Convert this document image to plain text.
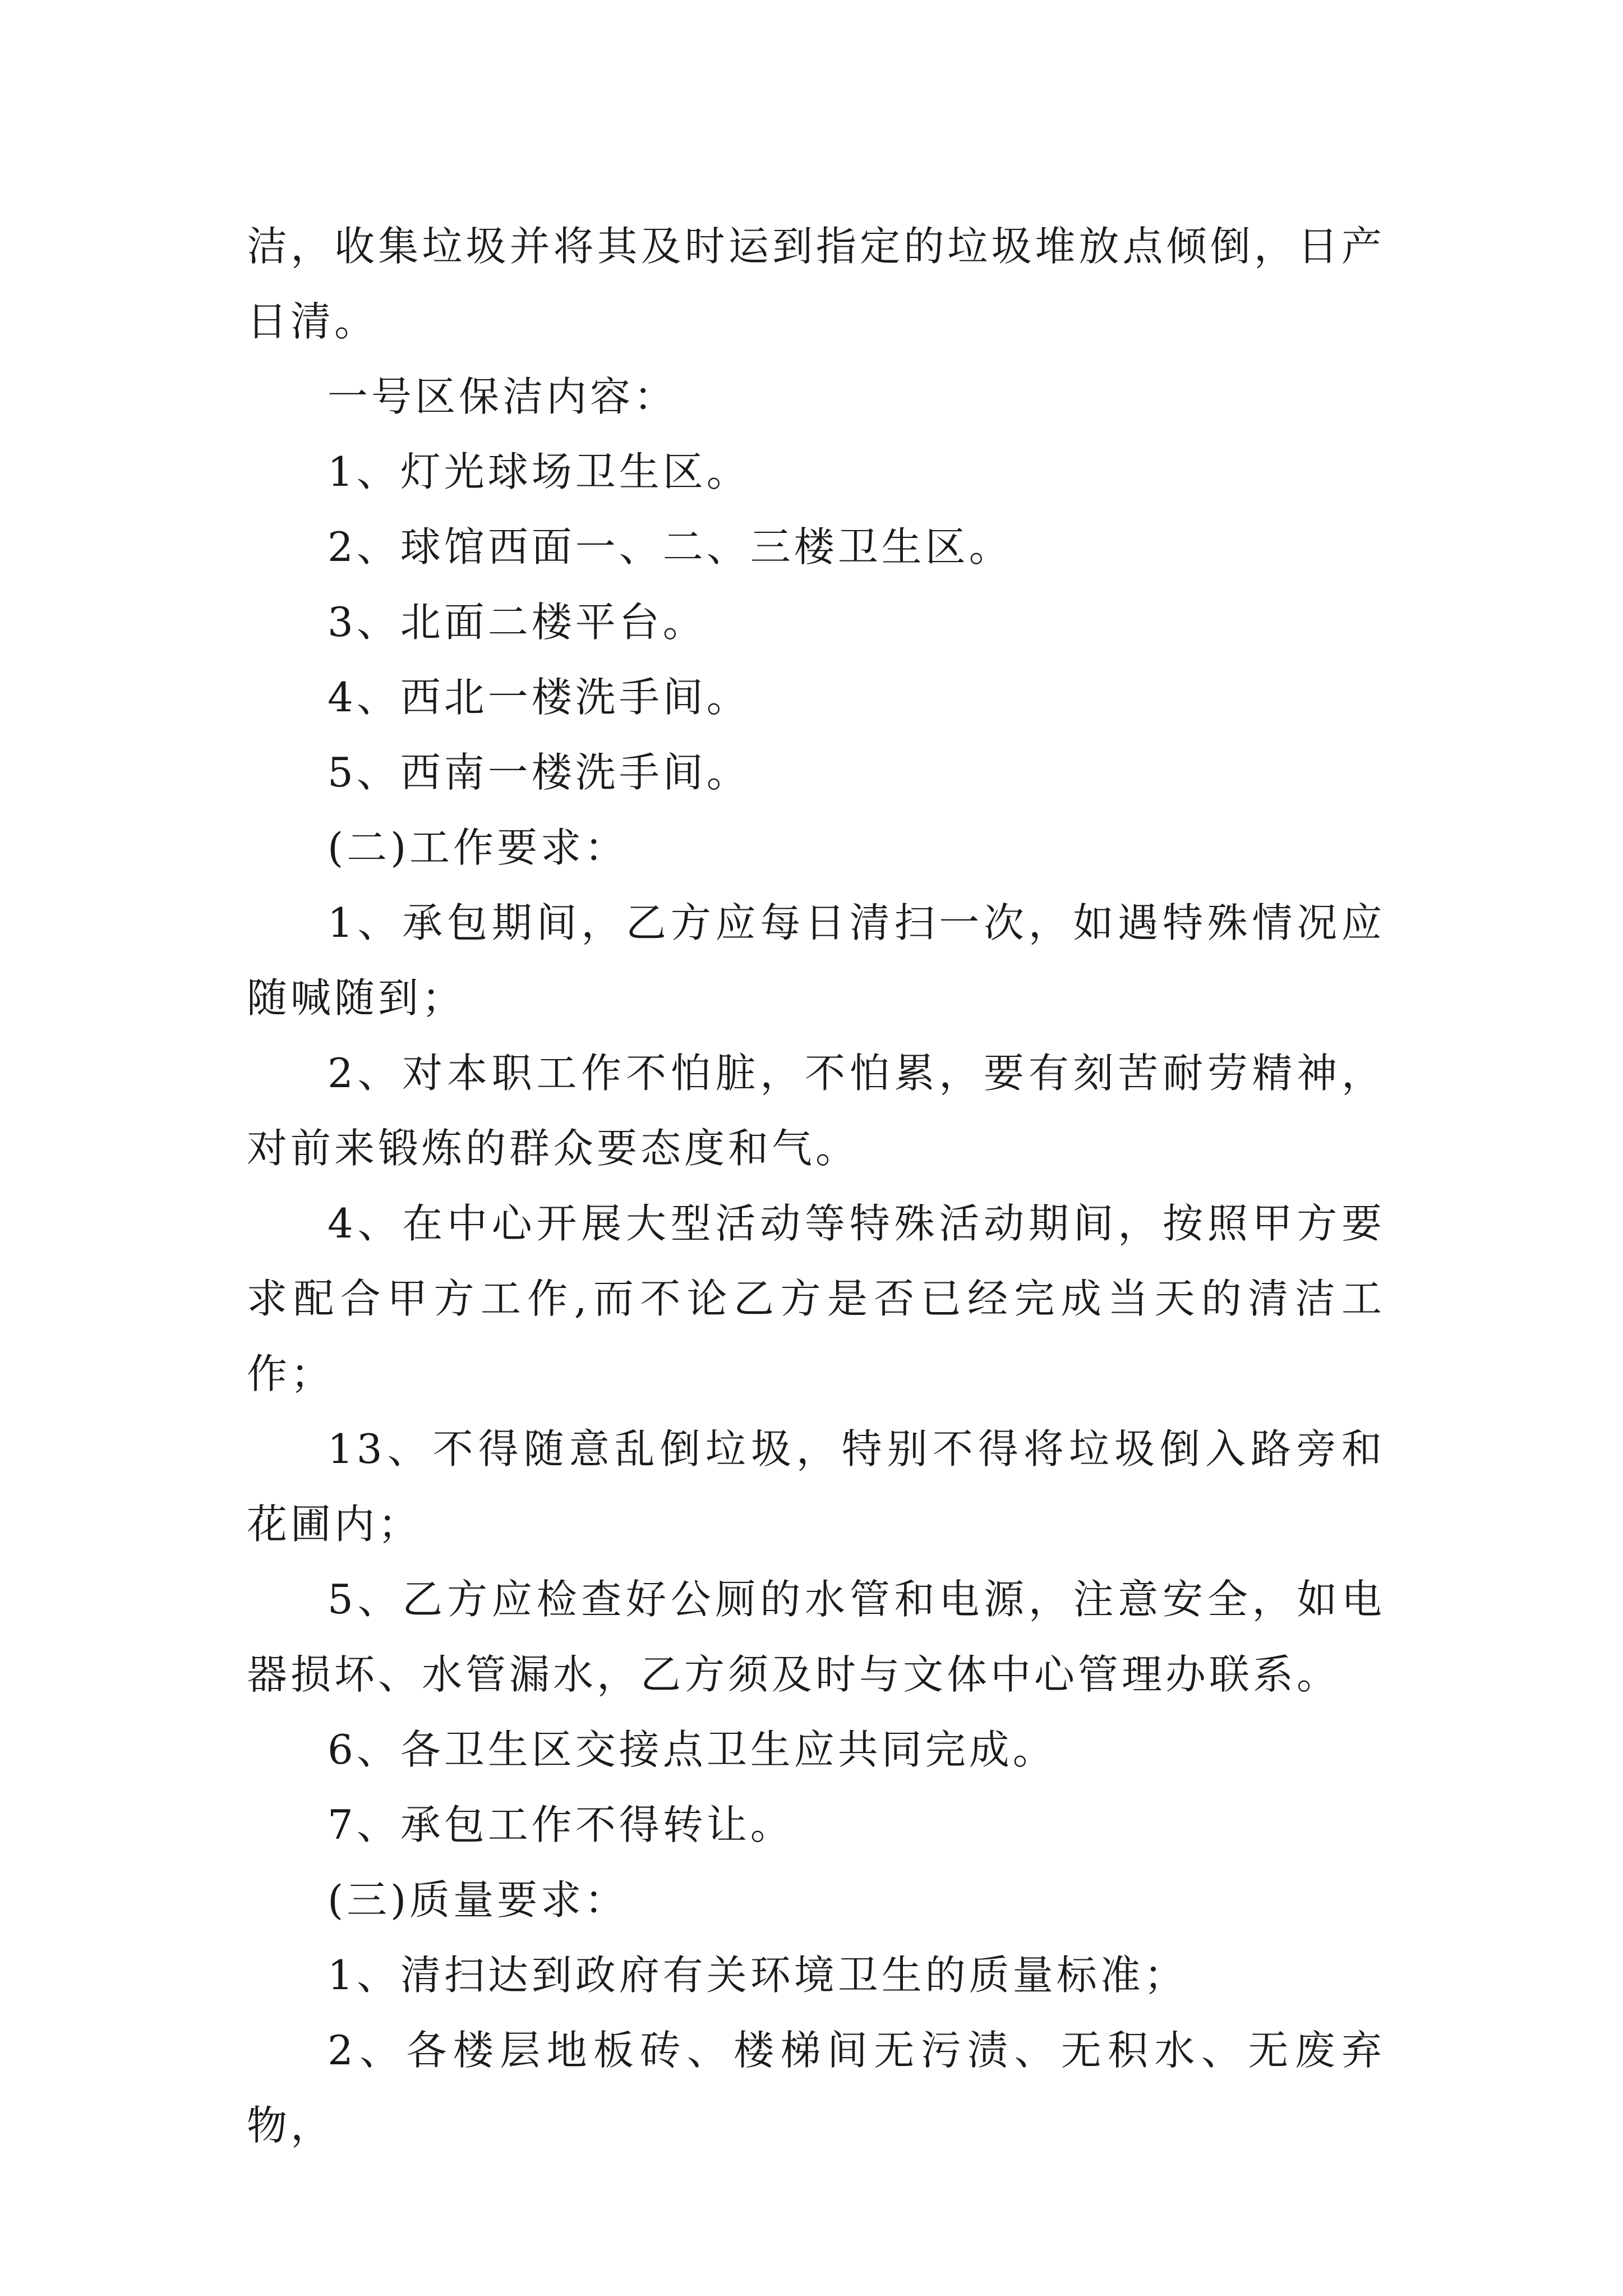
洁，收集垃圾并将其及时运到指定的垃圾堆放点倾倒，日产日清。

一号区保洁内容：

1、灯光球场卫生区。

2、球馆西面一、二、三楼卫生区。

3、北面二楼平台。

4、西北一楼洗手间。

5、西南一楼洗手间。

(二)工作要求：

1、承包期间，乙方应每日清扫一次，如遇特殊情况应随喊随到；

2、对本职工作不怕脏，不怕累，要有刻苦耐劳精神，对前来锻炼的群众要态度和气。

4、在中心开展大型活动等特殊活动期间，按照甲方要求配合甲方工作,而不论乙方是否已经完成当天的清洁工作；

13、不得随意乱倒垃圾，特别不得将垃圾倒入路旁和花圃内；

5、乙方应检查好公厕的水管和电源，注意安全，如电器损坏、水管漏水，乙方须及时与文体中心管理办联系。

6、各卫生区交接点卫生应共同完成。

7、承包工作不得转让。

(三)质量要求：

1、清扫达到政府有关环境卫生的质量标准；

2、各楼层地板砖、楼梯间无污渍、无积水、无废弃物，
